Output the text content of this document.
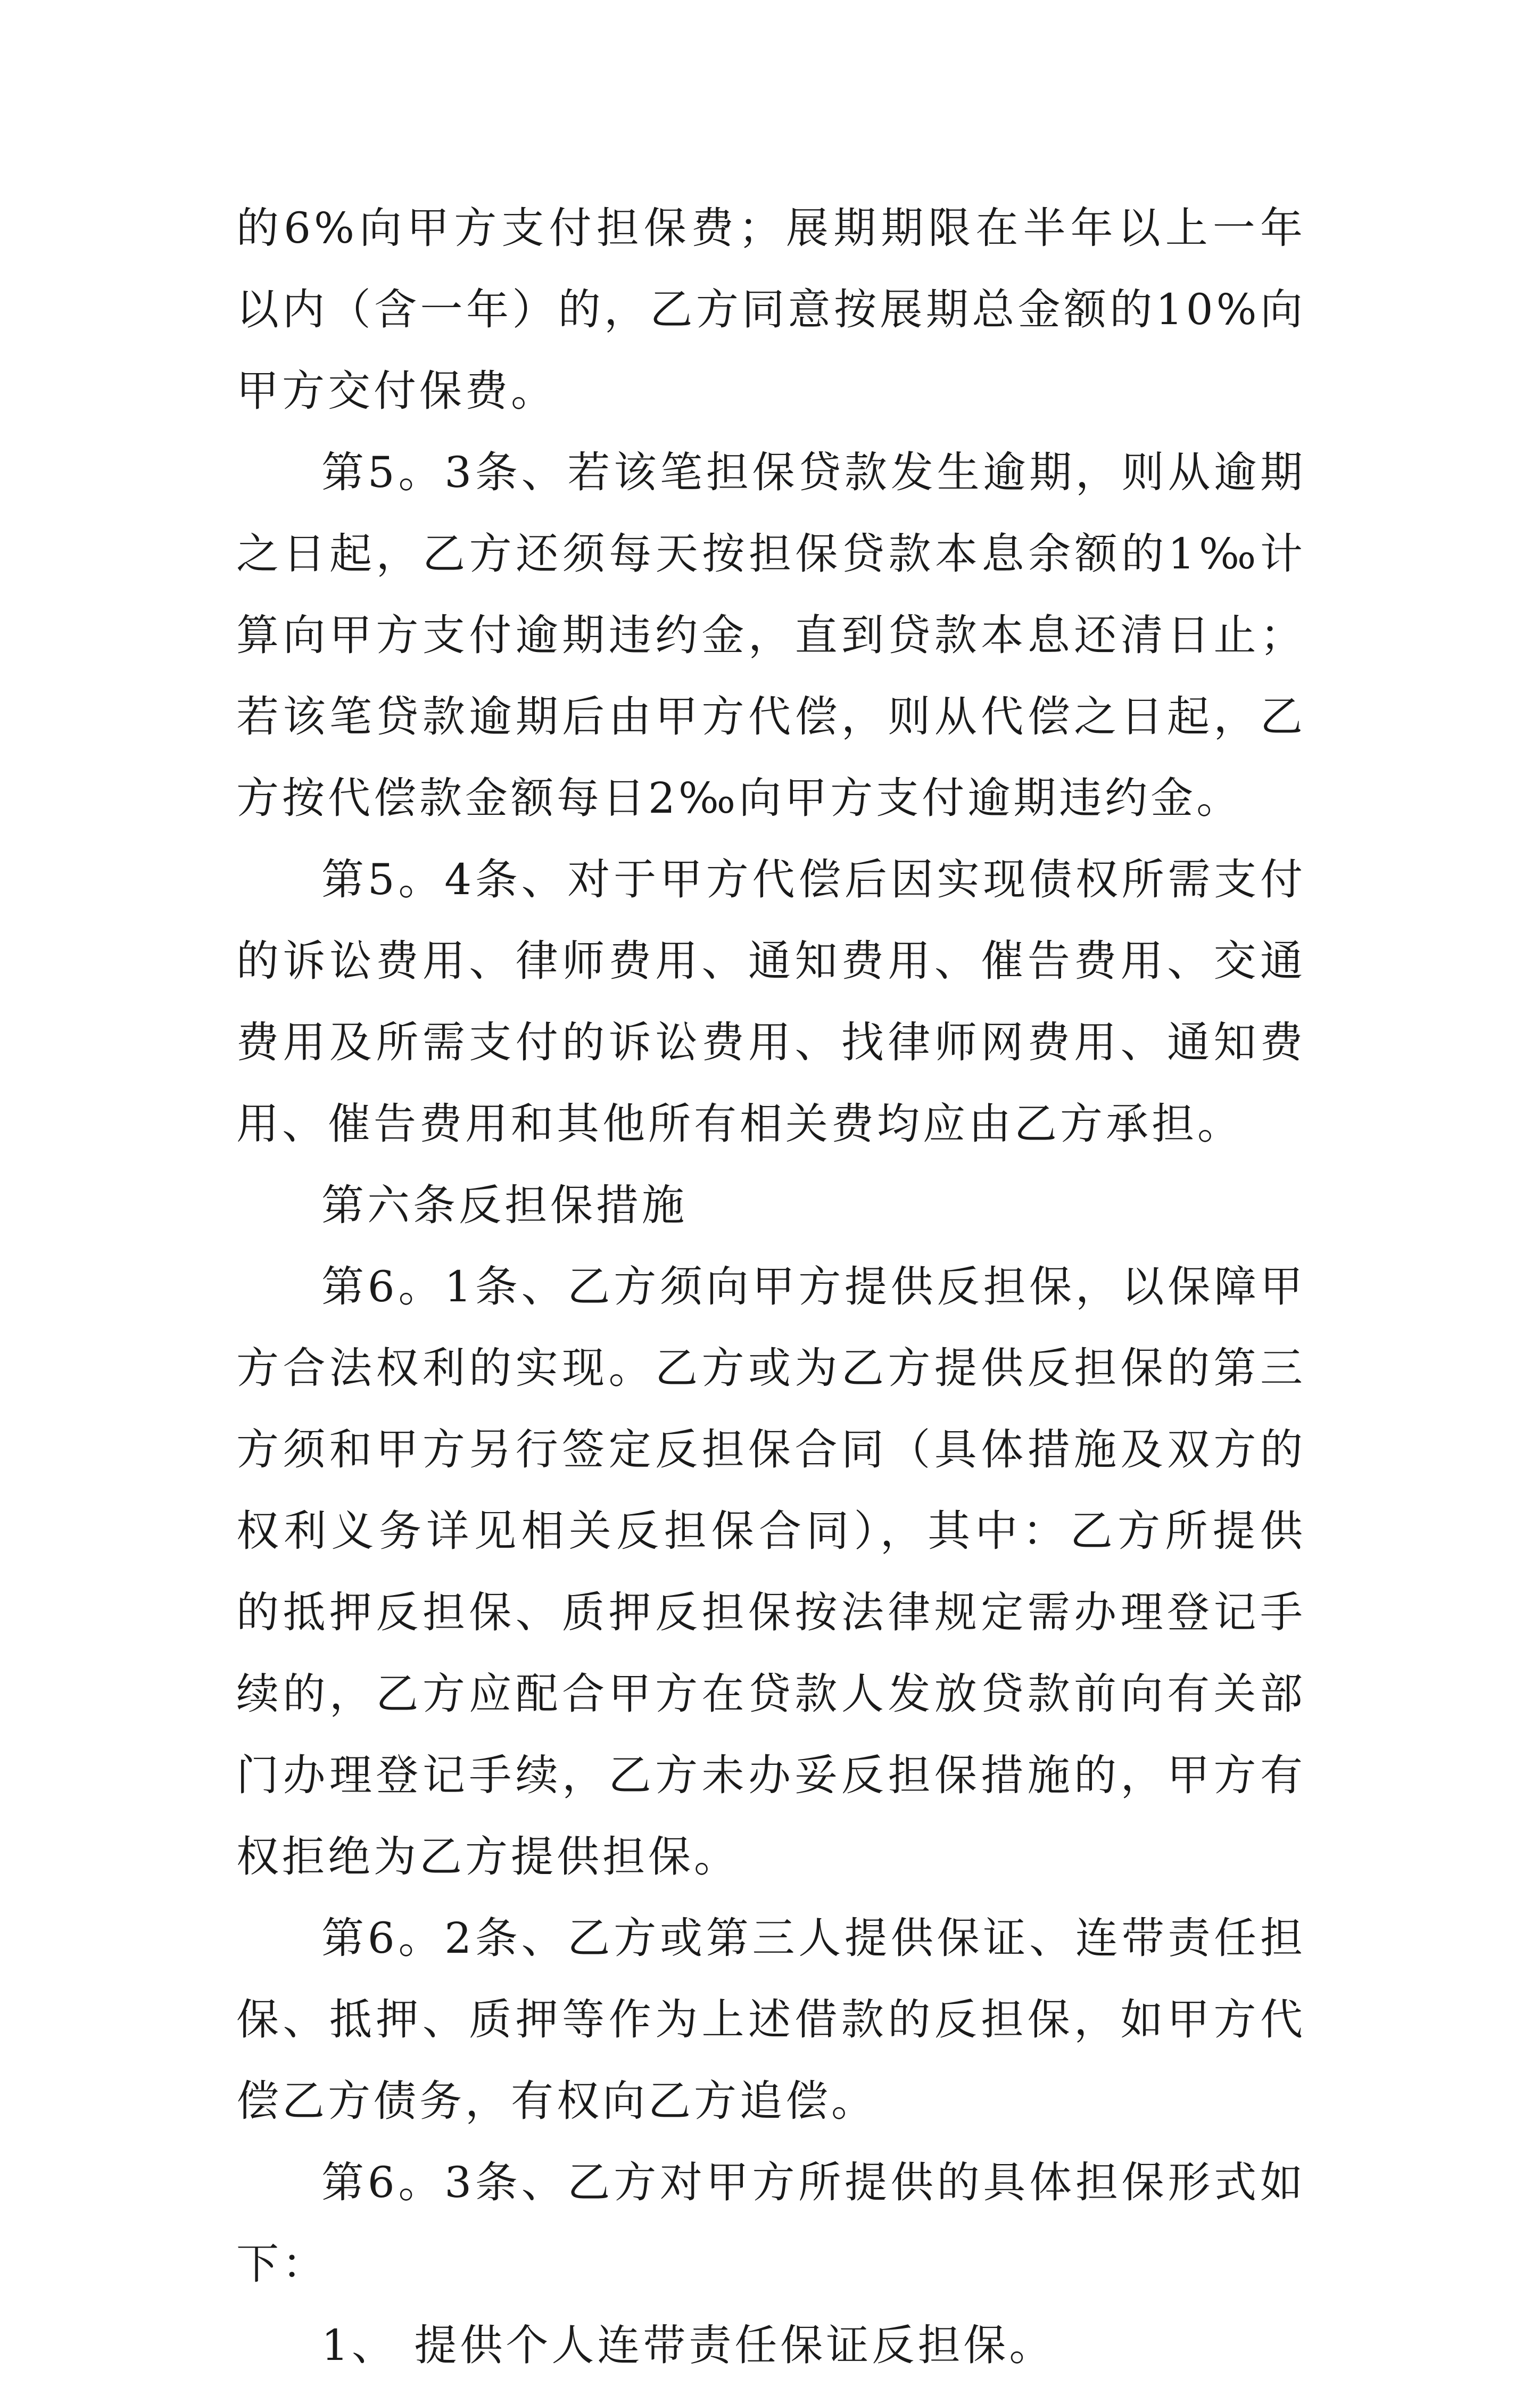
的6%向甲方支付担保费；展期期限在半年以上一年以内（含一年）的，乙方同意按展期总金额的10%向甲方交付保费。

第5。3条、若该笔担保贷款发生逾期，则从逾期之日起，乙方还须每天按担保贷款本息余额的1‰计算向甲方支付逾期违约金，直到贷款本息还清日止；若该笔贷款逾期后由甲方代偿，则从代偿之日起，乙方按代偿款金额每日2‰向甲方支付逾期违约金。

第5。4条、对于甲方代偿后因实现债权所需支付的诉讼费用、律师费用、通知费用、催告费用、交通费用及所需支付的诉讼费用、找律师网费用、通知费用、催告费用和其他所有相关费均应由乙方承担。

第六条反担保措施

第6。1条、乙方须向甲方提供反担保，以保障甲方合法权利的实现。乙方或为乙方提供反担保的第三方须和甲方另行签定反担保合同（具体措施及双方的权利义务详见相关反担保合同），其中：乙方所提供的抵押反担保、质押反担保按法律规定需办理登记手续的，乙方应配合甲方在贷款人发放贷款前向有关部门办理登记手续，乙方未办妥反担保措施的，甲方有权拒绝为乙方提供担保。

第6。2条、乙方或第三人提供保证、连带责任担保、抵押、质押等作为上述借款的反担保，如甲方代偿乙方债务，有权向乙方追偿。

第6。3条、乙方对甲方所提供的具体担保形式如下：

1、 提供个人连带责任保证反担保。
